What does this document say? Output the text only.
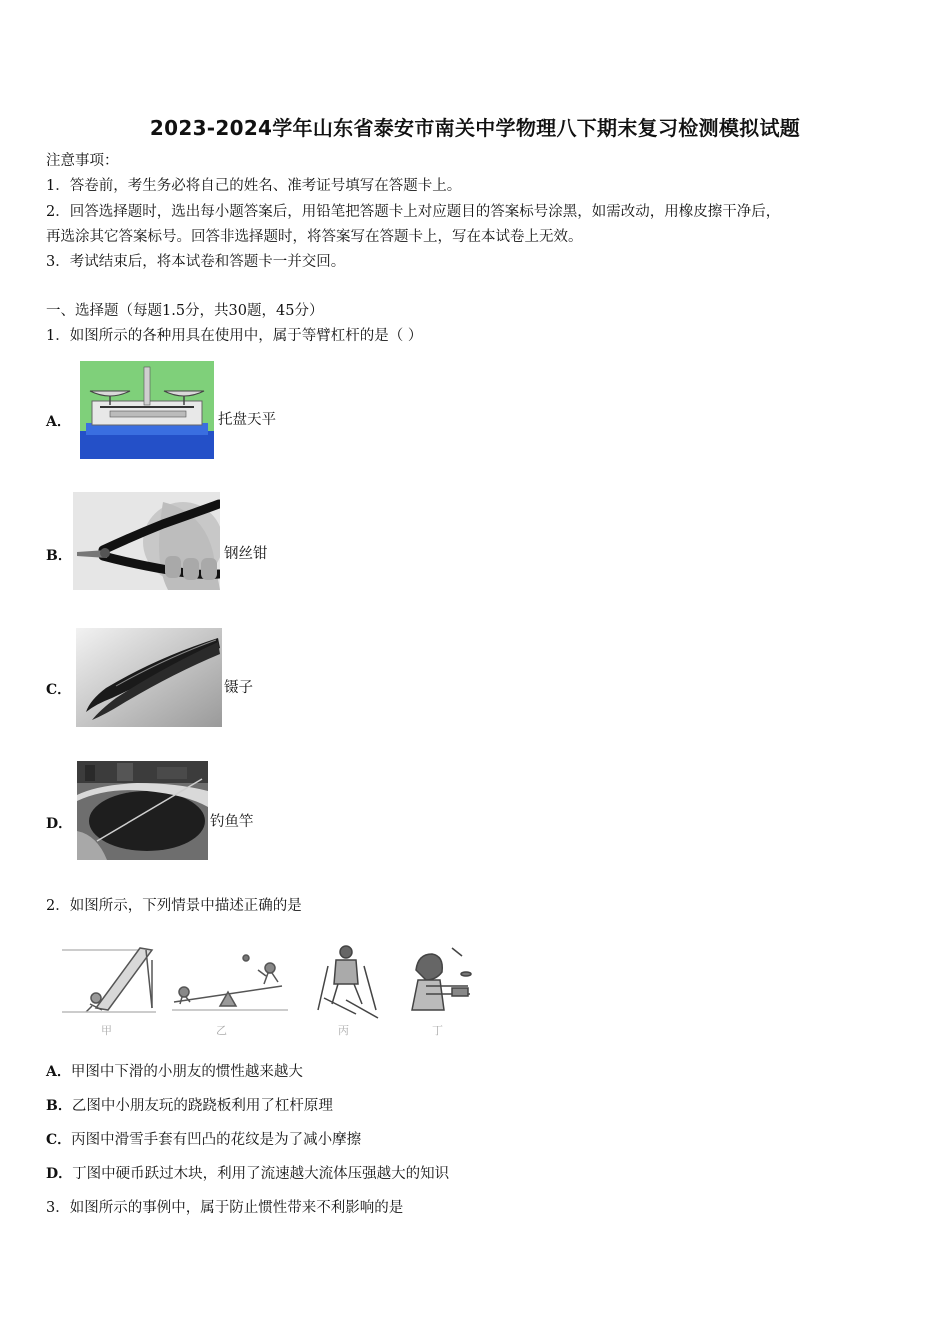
2023-2024学年山东省泰安市南关中学物理八下期末复习检测模拟试题
注意事项：
1．答卷前，考生务必将自己的姓名、准考证号填写在答题卡上。
2．回答选择题时，选出每小题答案后，用铅笔把答题卡上对应题目的答案标号涂黑，如需改动，用橡皮擦干净后，
再选涂其它答案标号。回答非选择题时，将答案写在答题卡上，写在本试卷上无效。
3．考试结束后，将本试卷和答题卡一并交回。
一、选择题（每题1.5分，共30题，45分）
1．如图所示的各种用具在使用中，属于等臂杠杆的是（ ）
A．	托盘天平
B．	钢丝钳
C．	镊子
D．	钓鱼竿
2．如图所示，下列情景中描述正确的是
甲	乙	丙	丁
A．甲图中下滑的小朋友的惯性越来越大
B．乙图中小朋友玩的跷跷板利用了杠杆原理
C．丙图中滑雪手套有凹凸的花纹是为了减小摩擦
D．丁图中硬币跃过木块，利用了流速越大流体压强越大的知识
3．如图所示的事例中，属于防止惯性带来不利影响的是
